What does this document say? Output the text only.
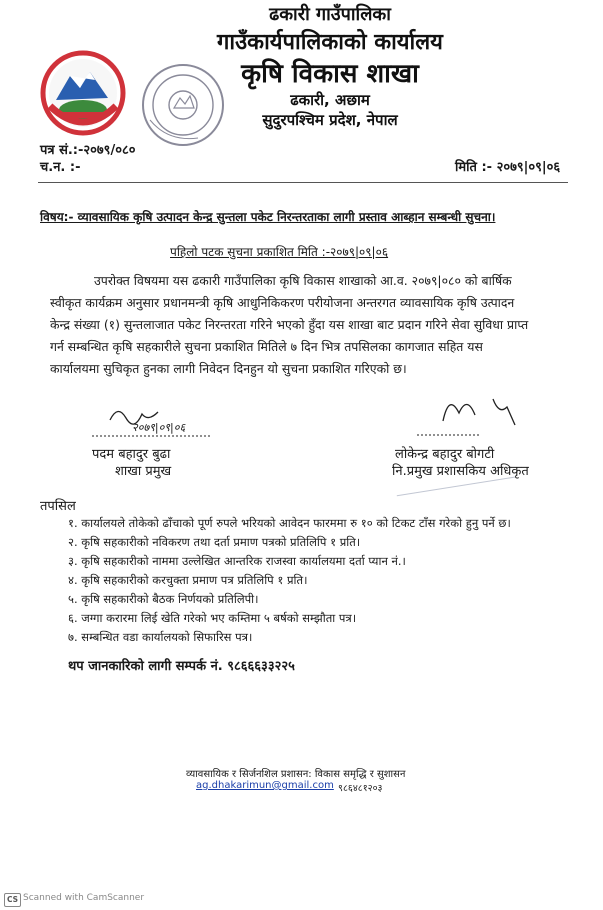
ढकारी गाउँपालिका
गाउँकार्यपालिकाको कार्यालय
कृषि विकास शाखा
ढकारी, अछाम
सुदुरपश्चिम प्रदेश, नेपाल
पत्र सं.:-२०७९/०८०
च.न. :-	मिति :- २०७९|०९|०६
विषय:- व्यावसायिक कृषि उत्पादन केन्द्र सुन्तला पकेट निरन्तरताका लागी प्रस्ताव आब्हान सम्बन्धी सुचना।
पहिलो पटक सुचना प्रकाशित मिति :-२०७९|०९|०६
उपरोक्त विषयमा यस ढकारी गाउँपालिका कृषि विकास शाखाको आ.व. २०७९|०८० को बार्षिक
स्वीकृत कार्यक्रम अनुसार प्रधानमन्त्री कृषि आधुनिकिकरण परीयोजना अन्तरगत व्यावसायिक कृषि उत्पादन
केन्द्र संख्या (१) सुन्तलाजात पकेट निरन्तरता गरिने भएको हुँदा यस शाखा बाट प्रदान गरिने सेवा सुविधा प्राप्त
गर्न सम्बन्धित कृषि सहकारीले सुचना प्रकाशित मितिले ७ दिन भित्र तपसिलका कागजात सहित यस
कार्यालयमा सुचिकृत हुनका लागी निवेदन दिनहुन यो सुचना प्रकाशित गरिएको छ।
२०७९|०९|०६
पदम बहादुर बुढा
शाखा प्रमुख
लोकेन्द्र बहादुर बोगटी
नि.प्रमुख प्रशासकिय अधिकृत
तपसिल
१. कार्यालयले तोकेको ढाँचाको पूर्ण रुपले भरियको आवेदन फारममा रु १० को टिकट टाँस गरेको हुनु पर्ने छ।
२. कृषि सहकारीको नविकरण तथा दर्ता प्रमाण पत्रको प्रतिलिपि १ प्रति।
३. कृषि सहकारीको नाममा उल्लेखित आन्तरिक राजस्वा कार्यालयमा दर्ता प्यान नं.।
४. कृषि सहकारीको करचुक्ता प्रमाण पत्र प्रतिलिपि १ प्रति।
५. कृषि सहकारीको बैठक निर्णयको प्रतिलिपी।
६. जग्गा करारमा लिई खेति गरेको भए कम्तिमा ५ बर्षको सम्झौता पत्र।
७. सम्बन्धित वडा कार्यालयको सिफारिस पत्र।
थप जानकारिको लागी सम्पर्क नं. ९८६६६३३२२५
व्यावसायिक र सिर्जनशिल प्रशासन: विकास समृद्धि र सुशासन
ag.dhakarimun@gmail.com ९८६४८१२०३
CS Scanned with CamScanner
